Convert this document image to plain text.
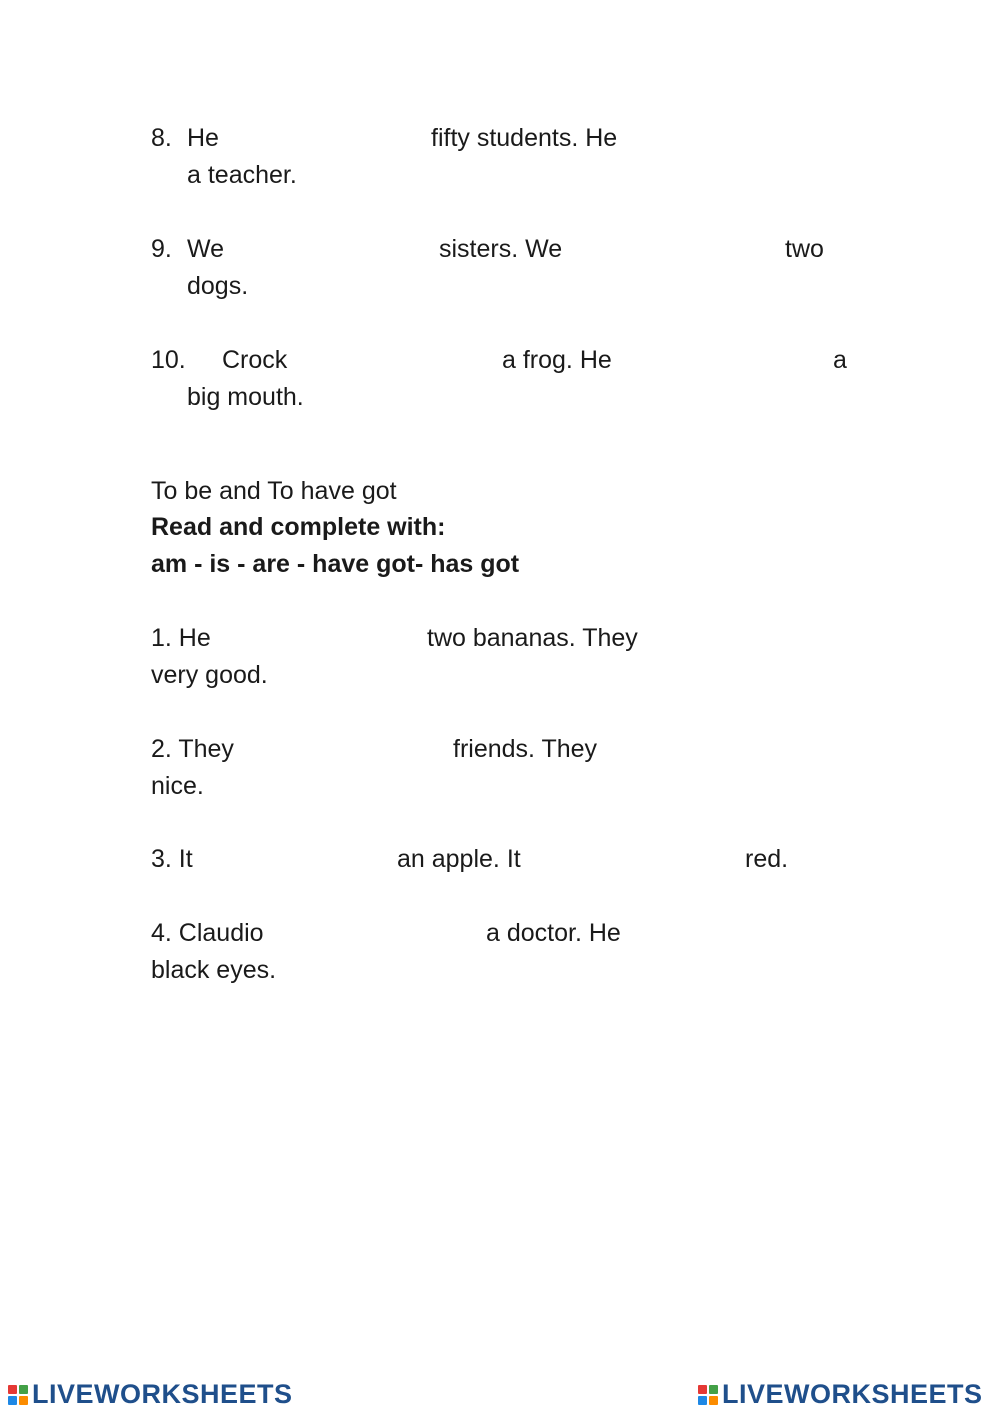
8. He	fifty students. He
a teacher.
9. We	sisters. We	two
dogs.
10. Crock	a frog. He	a
big mouth.
To be and To have got
Read and complete with:
am - is - are - have got- has got
1. He	two bananas. They
very good.
2. They	friends. They
nice.
3. It	an apple. It	red.
4. Claudio	a doctor. He
black eyes.
LIVEWORKSHEETS	LIVEWORKSHEETS
